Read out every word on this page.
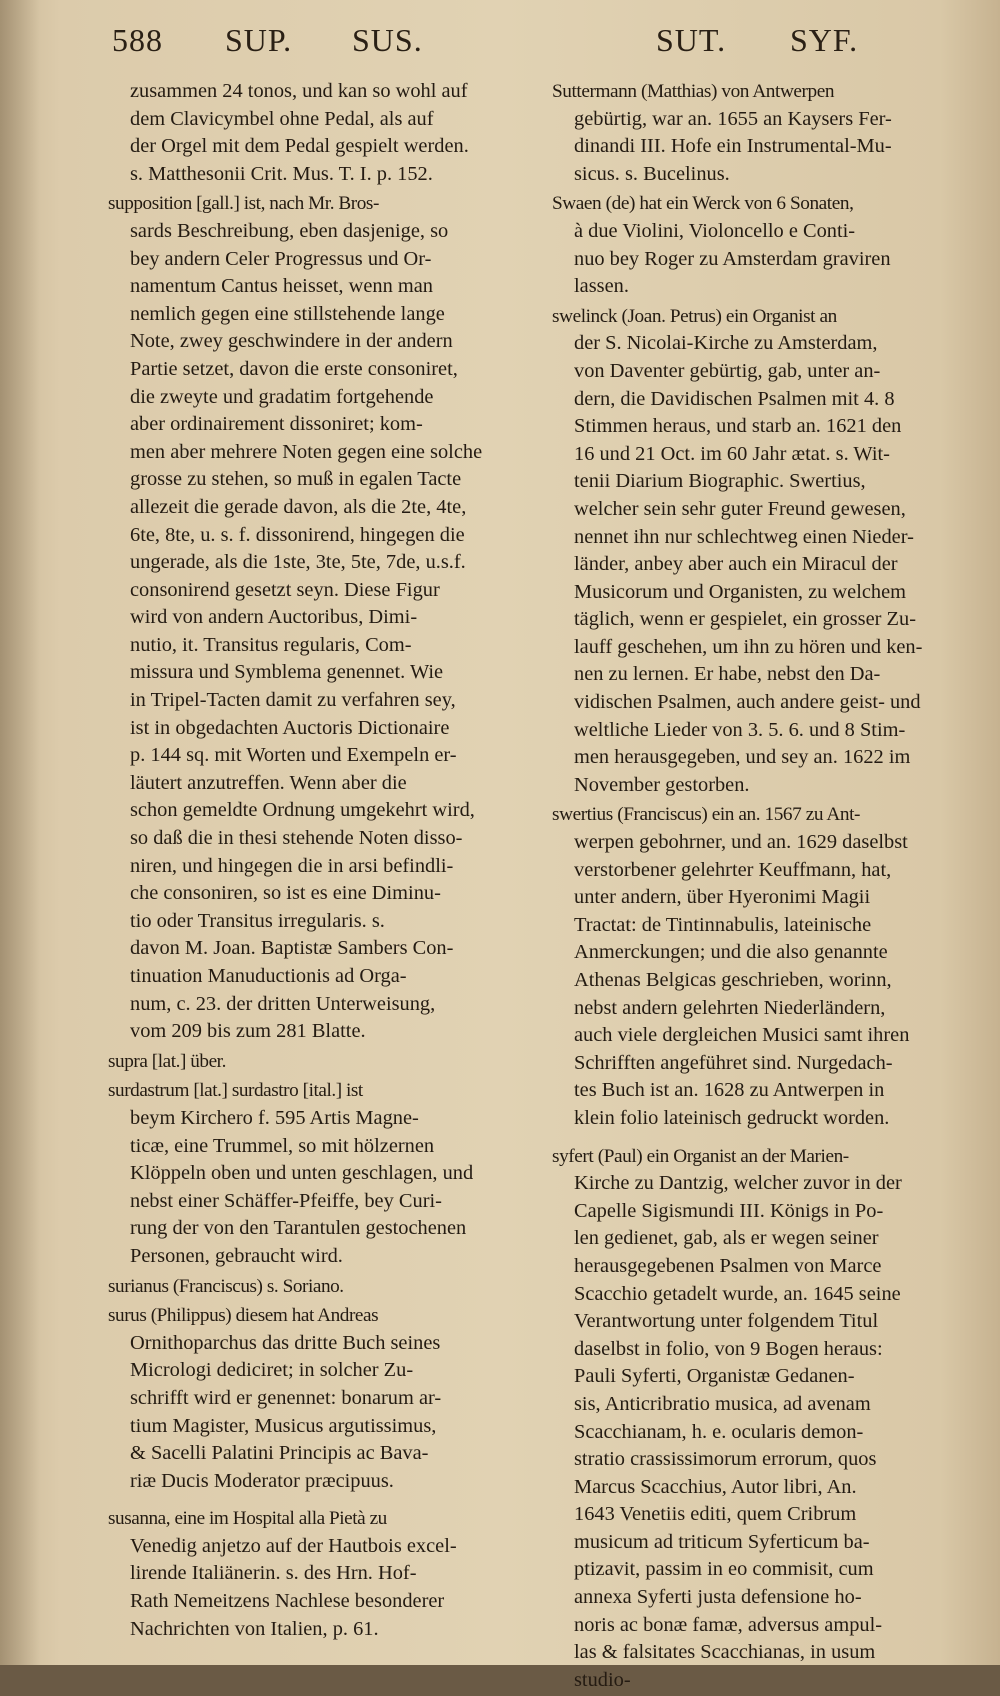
588 SUP. SUS.	SUT. SYF.
zusammen 24 tonos, und kan so wohl auf
dem Clavicymbel ohne Pedal, als auf
der Orgel mit dem Pedal gespielt werden.
s. Matthesonii Crit. Mus. T. I. p. 152.
supposition [gall.] ist, nach Mr. Bros-
sards Beschreibung, eben dasjenige, so
bey andern Celer Progressus und Or-
namentum Cantus heisset, wenn man
nemlich gegen eine stillstehende lange
Note, zwey geschwindere in der andern
Partie setzet, davon die erste consoniret,
die zweyte und gradatim fortgehende
aber ordinairement dissoniret; kom-
men aber mehrere Noten gegen eine solche
grosse zu stehen, so muß in egalen Tacte
allezeit die gerade davon, als die 2te, 4te,
6te, 8te, u. s. f. dissonirend, hingegen die
ungerade, als die 1ste, 3te, 5te, 7de, u.s.f.
consonirend gesetzt seyn. Diese Figur
wird von andern Auctoribus, Dimi-
nutio, it. Transitus regularis, Com-
missura und Symblema genennet. Wie
in Tripel-Tacten damit zu verfahren sey,
ist in obgedachten Auctoris Dictionaire
p. 144 sq. mit Worten und Exempeln er-
läutert anzutreffen. Wenn aber die
schon gemeldte Ordnung umgekehrt wird,
so daß die in thesi stehende Noten disso-
niren, und hingegen die in arsi befindli-
che consoniren, so ist es eine Diminu-
tio oder Transitus irregularis. s.
davon M. Joan. Baptistæ Sambers Con-
tinuation Manuductionis ad Orga-
num, c. 23. der dritten Unterweisung,
vom 209 bis zum 281 Blatte.
supra [lat.] über.
surdastrum [lat.] surdastro [ital.] ist
beym Kirchero f. 595 Artis Magne-
ticæ, eine Trummel, so mit hölzernen
Klöppeln oben und unten geschlagen, und
nebst einer Schäffer-Pfeiffe, bey Curi-
rung der von den Tarantulen gestochenen
Personen, gebraucht wird.
surianus (Franciscus) s. Soriano.
surus (Philippus) diesem hat Andreas
Ornithoparchus das dritte Buch seines
Micrologi dediciret; in solcher Zu-
schrifft wird er genennet: bonarum ar-
tium Magister, Musicus argutissimus,
& Sacelli Palatini Principis ac Bava-
riæ Ducis Moderator præcipuus.
susanna, eine im Hospital alla Pietà zu
Venedig anjetzo auf der Hautbois excel-
lirende Italiänerin. s. des Hrn. Hof-
Rath Nemeitzens Nachlese besonderer
Nachrichten von Italien, p. 61.
Suttermann (Matthias) von Antwerpen
gebürtig, war an. 1655 an Kaysers Fer-
dinandi III. Hofe ein Instrumental-Mu-
sicus. s. Bucelinus.
Swaen (de) hat ein Werck von 6 Sonaten,
à due Violini, Violoncello e Conti-
nuo bey Roger zu Amsterdam graviren
lassen.
swelinck (Joan. Petrus) ein Organist an
der S. Nicolai-Kirche zu Amsterdam,
von Daventer gebürtig, gab, unter an-
dern, die Davidischen Psalmen mit 4. 8
Stimmen heraus, und starb an. 1621 den
16 und 21 Oct. im 60 Jahr ætat. s. Wit-
tenii Diarium Biographic. Swertius,
welcher sein sehr guter Freund gewesen,
nennet ihn nur schlechtweg einen Nieder-
länder, anbey aber auch ein Miracul der
Musicorum und Organisten, zu welchem
täglich, wenn er gespielet, ein grosser Zu-
lauff geschehen, um ihn zu hören und ken-
nen zu lernen. Er habe, nebst den Da-
vidischen Psalmen, auch andere geist- und
weltliche Lieder von 3. 5. 6. und 8 Stim-
men herausgegeben, und sey an. 1622 im
November gestorben.
swertius (Franciscus) ein an. 1567 zu Ant-
werpen gebohrner, und an. 1629 daselbst
verstorbener gelehrter Keuffmann, hat,
unter andern, über Hyeronimi Magii
Tractat: de Tintinnabulis, lateinische
Anmerckungen; und die also genannte
Athenas Belgicas geschrieben, worinn,
nebst andern gelehrten Niederländern,
auch viele dergleichen Musici samt ihren
Schrifften angeführet sind. Nurgedach-
tes Buch ist an. 1628 zu Antwerpen in
klein folio lateinisch gedruckt worden.
syfert (Paul) ein Organist an der Marien-
Kirche zu Dantzig, welcher zuvor in der
Capelle Sigismundi III. Königs in Po-
len gedienet, gab, als er wegen seiner
herausgegebenen Psalmen von Marce
Scacchio getadelt wurde, an. 1645 seine
Verantwortung unter folgendem Titul
daselbst in folio, von 9 Bogen heraus:
Pauli Syferti, Organistæ Gedanen-
sis, Anticribratio musica, ad avenam
Scacchianam, h. e. ocularis demon-
stratio crassissimorum errorum, quos
Marcus Scacchius, Autor libri, An.
1643 Venetiis editi, quem Cribrum
musicum ad triticum Syferticum ba-
ptizavit, passim in eo commisit, cum
annexa Syferti justa defensione ho-
noris ac bonæ famæ, adversus ampul-
las & falsitates Scacchianas, in usum
studio-
